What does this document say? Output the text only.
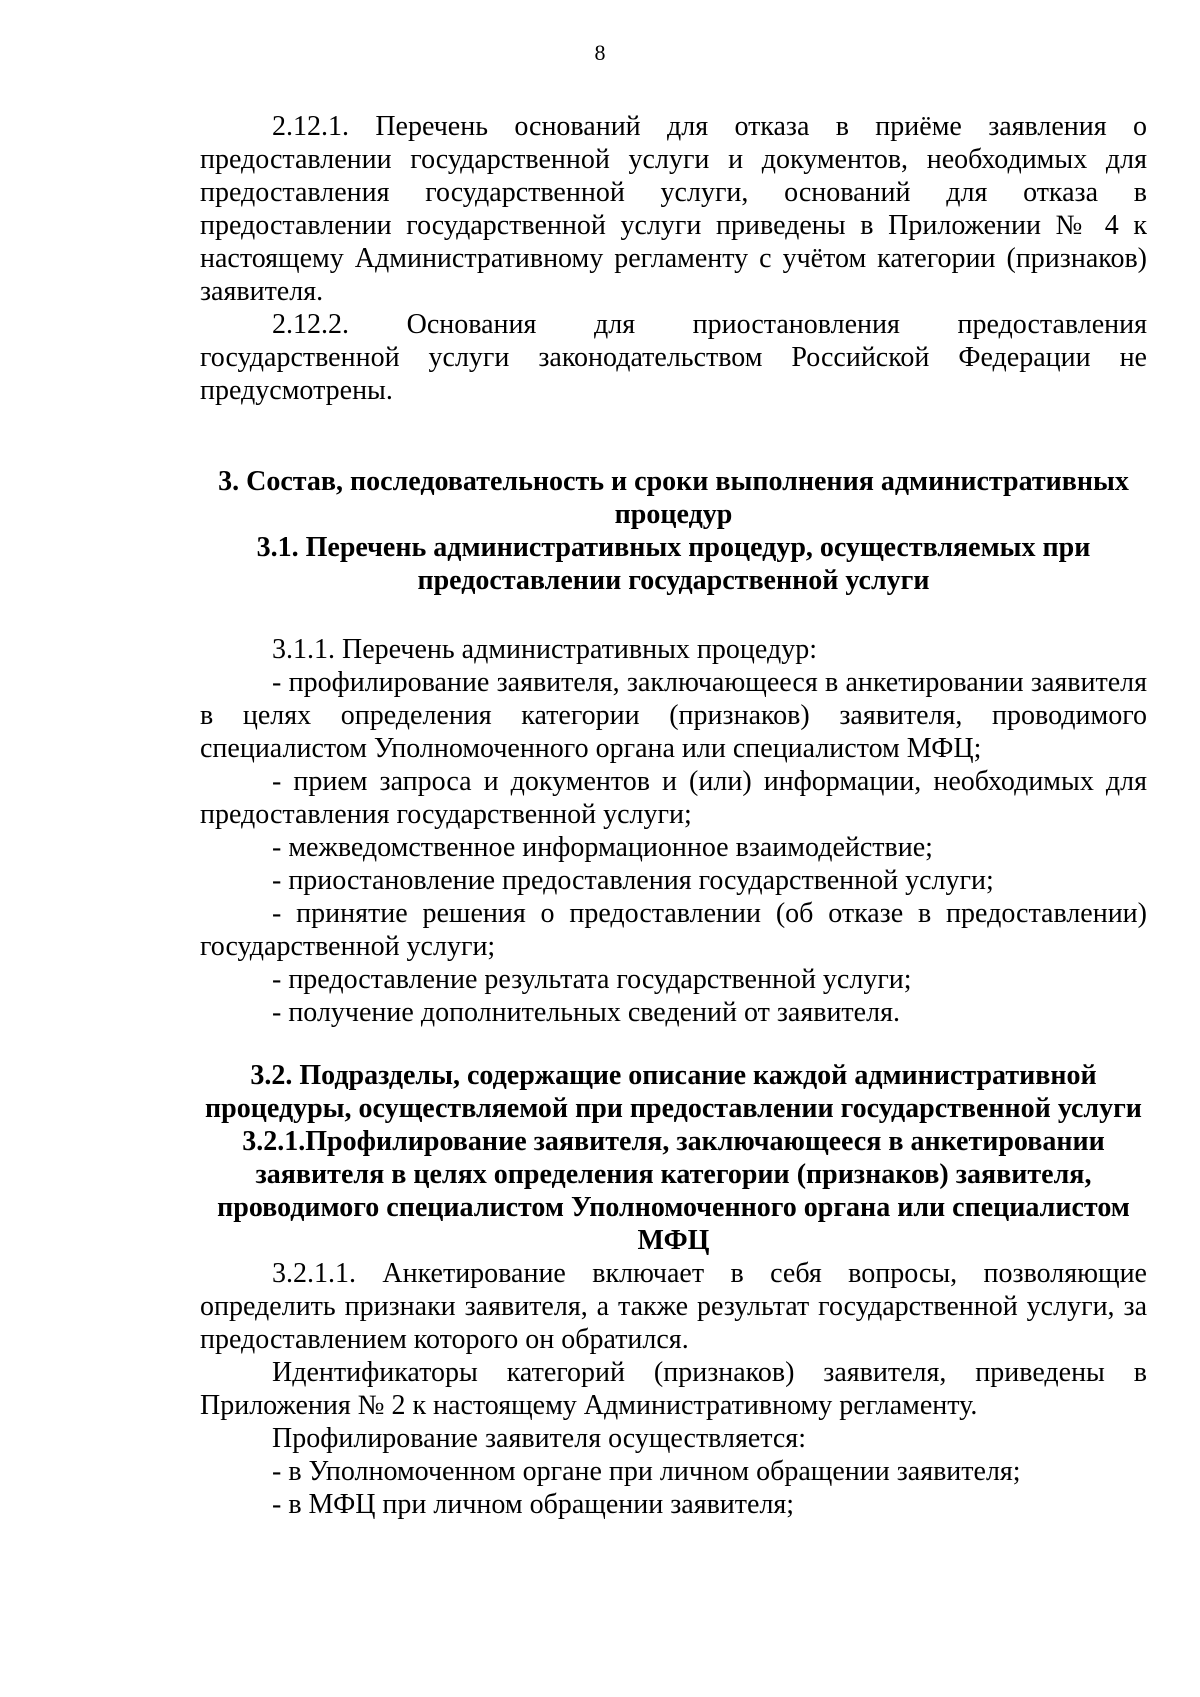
8

2.12.1. Перечень оснований для отказа в приёме заявления о предоставлении государственной услуги и документов, необходимых для предоставления государственной услуги, оснований для отказа в предоставлении государственной услуги приведены в Приложении № 4 к настоящему Административному регламенту с учётом категории (признаков) заявителя.

2.12.2. Основания для приостановления предоставления государственной услуги законодательством Российской Федерации не предусмотрены.

3. Состав, последовательность и сроки выполнения административных процедур

3.1. Перечень административных процедур, осуществляемых при предоставлении государственной услуги

3.1.1. Перечень административных процедур:

- профилирование заявителя, заключающееся в анкетировании заявителя в целях определения категории (признаков) заявителя, проводимого специалистом Уполномоченного органа или специалистом МФЦ;

- прием запроса и документов и (или) информации, необходимых для предоставления государственной услуги;

- межведомственное информационное взаимодействие;

- приостановление предоставления государственной услуги;

- принятие решения о предоставлении (об отказе в предоставлении) государственной услуги;

- предоставление результата государственной услуги;

- получение дополнительных сведений от заявителя.

3.2. Подразделы, содержащие описание каждой административной процедуры, осуществляемой при предоставлении государственной услуги

3.2.1.Профилирование заявителя, заключающееся в анкетировании заявителя в целях определения категории (признаков) заявителя, проводимого специалистом Уполномоченного органа или специалистом МФЦ

3.2.1.1. Анкетирование включает в себя вопросы, позволяющие определить признаки заявителя, а также результат государственной услуги, за предоставлением которого он обратился.

Идентификаторы категорий (признаков) заявителя, приведены в Приложения № 2 к настоящему Административному регламенту.

Профилирование заявителя осуществляется:

- в Уполномоченном органе при личном обращении заявителя;

- в МФЦ при личном обращении заявителя;
